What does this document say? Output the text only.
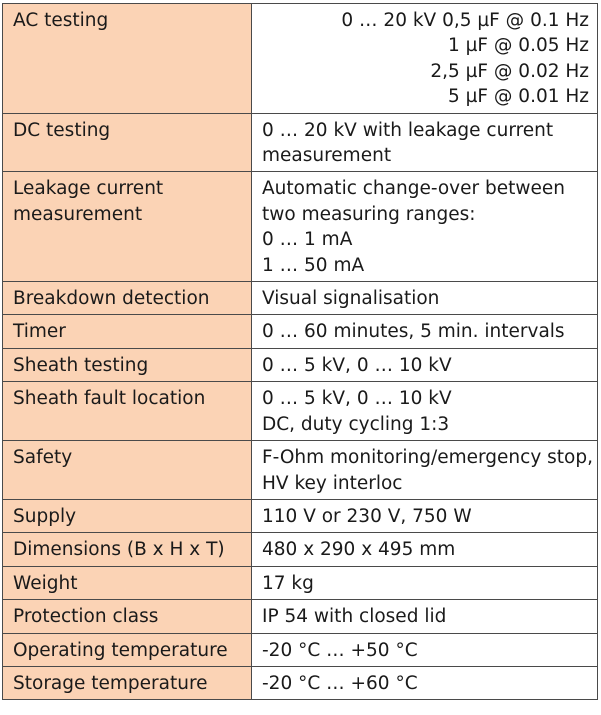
AC testing	0 … 20 kV 0,5 µF @ 0.1 Hz
1 µF @ 0.05 Hz
2,5 µF @ 0.02 Hz
5 µF @ 0.01 Hz

DC testing	0 … 20 kV with leakage current
measurement

Leakage current
measurement	Automatic change-over between
two measuring ranges:
0 … 1 mA
1 … 50 mA

Breakdown detection	Visual signalisation

Timer	0 … 60 minutes, 5 min. intervals

Sheath testing	0 … 5 kV, 0 … 10 kV

Sheath fault location	0 … 5 kV, 0 … 10 kV
DC, duty cycling 1:3

Safety	F-Ohm monitoring/emergency stop,
HV key interloc

Supply	110 V or 230 V, 750 W

Dimensions (B x H x T)	480 x 290 x 495 mm

Weight	17 kg

Protection class	IP 54 with closed lid

Operating temperature	-20 °C … +50 °C

Storage temperature	-20 °C … +60 °C
